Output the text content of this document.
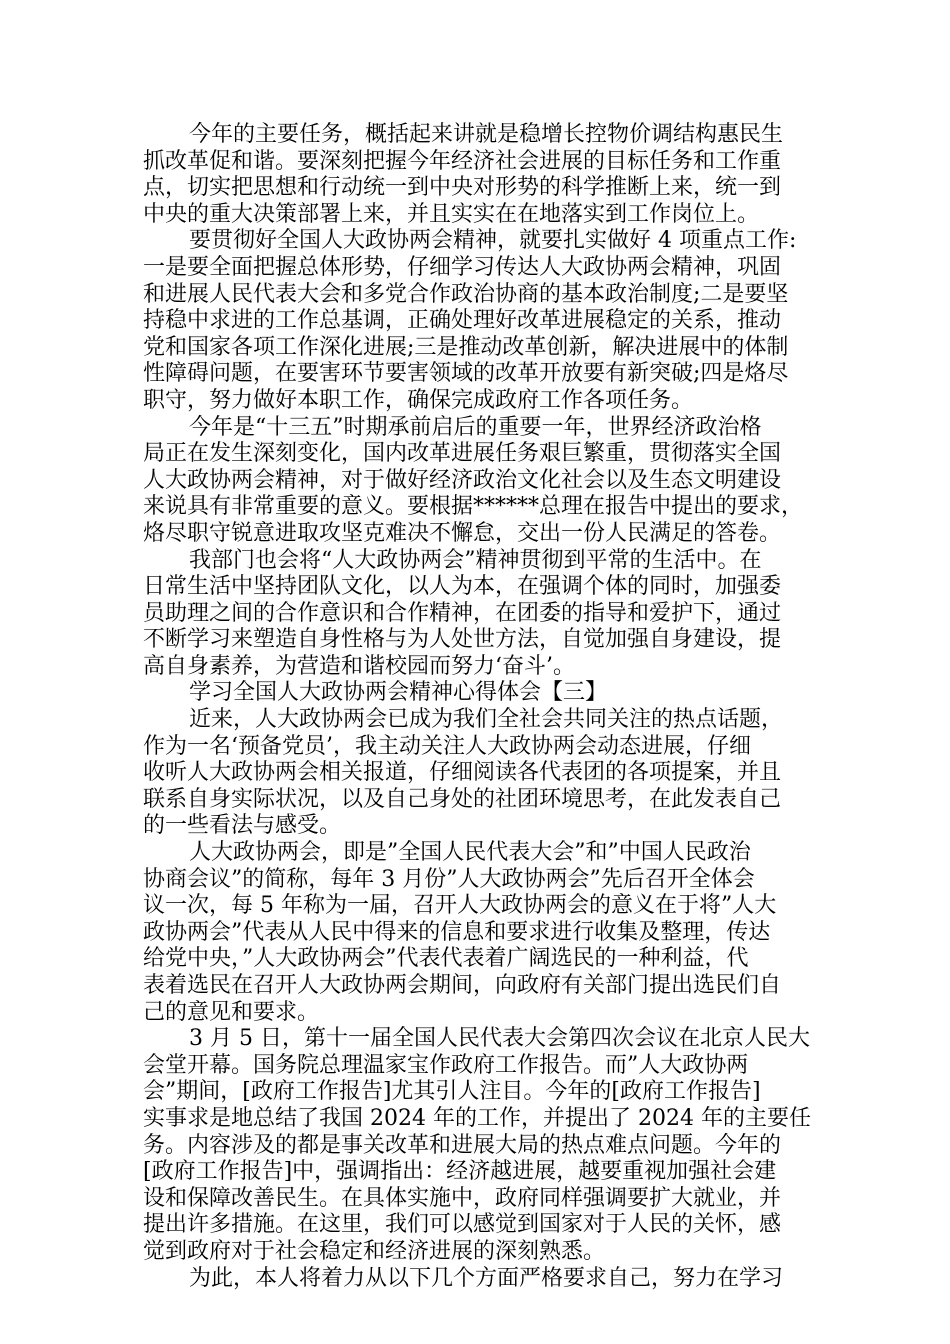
今年的主要任务，概括起来讲就是稳增长控物价调结构惠民生
抓改革促和谐。要深刻把握今年经济社会进展的目标任务和工作重
点，切实把思想和行动统一到中央对形势的科学推断上来，统一到
中央的重大决策部署上来，并且实实在在地落实到工作岗位上。
要贯彻好全国人大政协两会精神，就要扎实做好 4 项重点工作:
一是要全面把握总体形势，仔细学习传达人大政协两会精神，巩固
和进展人民代表大会和多党合作政治协商的基本政治制度;二是要坚
持稳中求进的工作总基调，正确处理好改革进展稳定的关系，推动
党和国家各项工作深化进展;三是推动改革创新，解决进展中的体制
性障碍问题，在要害环节要害领域的改革开放要有新突破;四是烙尽
职守，努力做好本职工作，确保完成政府工作各项任务。
今年是“十三五”时期承前启后的重要一年，世界经济政治格
局正在发生深刻变化，国内改革进展任务艰巨繁重，贯彻落实全国
人大政协两会精神，对于做好经济政治文化社会以及生态文明建设
来说具有非常重要的意义。要根据******总理在报告中提出的要求，
烙尽职守锐意进取攻坚克难决不懈怠，交出一份人民满足的答卷。
我部门也会将“人大政协两会”精神贯彻到平常的生活中。在
日常生活中坚持团队文化，以人为本，在强调个体的同时，加强委
员助理之间的合作意识和合作精神，在团委的指导和爱护下，通过
不断学习来塑造自身性格与为人处世方法，自觉加强自身建设，提
高自身素养，为营造和谐校园而努力‘奋斗’。
学习全国人大政协两会精神心得体会【三】
近来，人大政协两会已成为我们全社会共同关注的热点话题，
作为一名‘预备党员’，我主动关注人大政协两会动态进展，仔细
收听人大政协两会相关报道，仔细阅读各代表团的各项提案，并且
联系自身实际状况，以及自己身处的社团环境思考，在此发表自己
的一些看法与感受。
人大政协两会，即是”全国人民代表大会”和”中国人民政治
协商会议”的简称，每年 3 月份”人大政协两会”先后召开全体会
议一次，每 5 年称为一届，召开人大政协两会的意义在于将”人大
政协两会”代表从人民中得来的信息和要求进行收集及整理，传达
给党中央，”人大政协两会”代表代表着广阔选民的一种利益，代
表着选民在召开人大政协两会期间，向政府有关部门提出选民们自
己的意见和要求。
3 月 5 日，第十一届全国人民代表大会第四次会议在北京人民大
会堂开幕。国务院总理温家宝作政府工作报告。而”人大政协两
会”期间，[政府工作报告]尤其引人注目。今年的[政府工作报告]
实事求是地总结了我国 2024 年的工作，并提出了 2024 年的主要任
务。内容涉及的都是事关改革和进展大局的热点难点问题。今年的
[政府工作报告]中，强调指出：经济越进展，越要重视加强社会建
设和保障改善民生。在具体实施中，政府同样强调要扩大就业，并
提出许多措施。在这里，我们可以感觉到国家对于人民的关怀，感
觉到政府对于社会稳定和经济进展的深刻熟悉。
为此，本人将着力从以下几个方面严格要求自己，努力在学习
